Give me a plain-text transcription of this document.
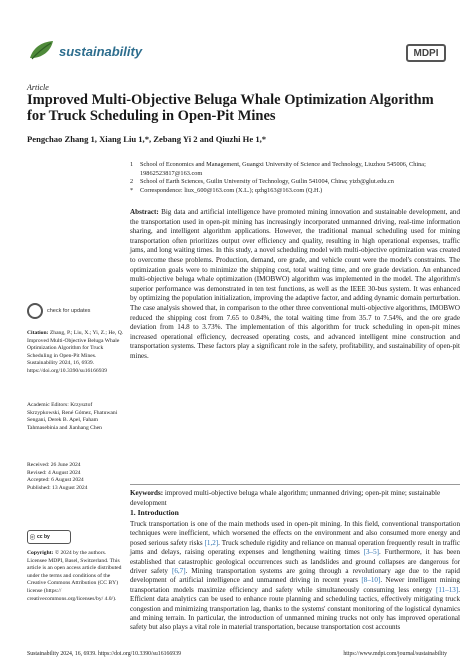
sustainability	MDPI
Article
Improved Multi-Objective Beluga Whale Optimization Algorithm for Truck Scheduling in Open-Pit Mines
Pengchao Zhang 1, Xiang Liu 1,*, Zebang Yi 2 and Qiuzhi He 1,*
1	School of Economics and Management, Guangxi University of Science and Technology, Liuzhou 545006, China; 19862523817@163.com
2	School of Earth Sciences, Guilin University of Technology, Guilin 541004, China; yizb@glut.edu.cn
*	Correspondence: liux_600@163.com (X.L.); qzhg163@163.com (Q.H.)
Abstract: Big data and artificial intelligence have promoted mining innovation and sustainable development, and the transportation used in open-pit mining has increasingly incorporated unmanned driving, real-time information sharing, and intelligent algorithm applications. However, the traditional manual scheduling used for mining transportation often prioritizes output over efficiency and quality, resulting in high operational expenses, traffic jams, and long waiting times. In this study, a novel scheduling model with multi-objective optimization was created to overcome these problems. Production, demand, ore grade, and vehicle count were the model's constraints. The optimization goals were to minimize the shipping cost, total waiting time, and ore grade deviation. An enhanced multi-objective beluga whale optimization (IMOBWO) algorithm was implemented in the model. The algorithm's superior performance was demonstrated in ten test functions, as well as the IEEE 30-bus system. It was enhanced by optimizing the population initialization, improving the adaptive factor, and adding dynamic domain perturbation. The case analysis showed that, in comparison to the other three conventional multi-objective algorithms, IMOBWO reduced the shipping cost from 7.65 to 0.84%, the total waiting time from 35.7 to 7.54%, and the ore grade deviation from 14.8 to 3.73%. The implementation of this algorithm for truck scheduling in open-pit mines increased operational efficiency, decreased operating costs, and advanced intelligent mine construction and transportation systems. These factors play a significant role in the safety, profitability, and sustainability of open-pit mines.
Keywords: improved multi-objective beluga whale algorithm; unmanned driving; open-pit mine; sustainable development
1. Introduction
Truck transportation is one of the main methods used in open-pit mining. In this field, conventional transportation techniques were inefficient, which worsened the effects on the environment and also consumed more energy and posed serious safety risks [1,2]. Truck schedule rigidity and reliance on manual operation frequently result in traffic jams and delays, raising operating expenses and lengthening waiting times [3–5]. Furthermore, it has been established that catastrophic geological occurrences such as landslides and ground collapses are dangerous for driver safety [6,7]. Mining transportation systems are going through a revolutionary age due to the rapid development of artificial intelligence and unmanned driving in recent years [8–10]. Newer intelligent mining transportation models maximize efficiency and safety while simultaneously consuming less energy [11–13]. Efficient data analytics can be used to enhance route planning and scheduling tactics, effectively mitigating truck congestion and minimizing transportation lag, thanks to the systems' constant monitoring of the logistical dynamics and mining terrain. In particular, the introduction of unmanned mining trucks not only has improved operational safety but also plays a vital role in material transportation, because transportation cost accounts
check for updates
Citation: Zhang, P.; Liu, X.; Yi, Z.; He, Q. Improved Multi-Objective Beluga Whale Optimization Algorithm for Truck Scheduling in Open-Pit Mines. Sustainability 2024, 16, 6939. https://doi.org/10.3390/su16166939
Academic Editors: Krzysztof Skrzypkowski, René Gómez, Fhatuwani Sengani, Derek B. Apel, Faham Tahmasebinia and Jianhang Chen
Received: 26 June 2024
Revised: 4 August 2024
Accepted: 6 August 2024
Published: 13 August 2024
ⓒ cc by
Copyright: © 2024 by the authors. Licensee MDPI, Basel, Switzerland. This article is an open access article distributed under the terms and conditions of the Creative Commons Attribution (CC BY) license (https:// creativecommons.org/licenses/by/ 4.0/).
Sustainability 2024, 16, 6939. https://doi.org/10.3390/su16166939	https://www.mdpi.com/journal/sustainability
